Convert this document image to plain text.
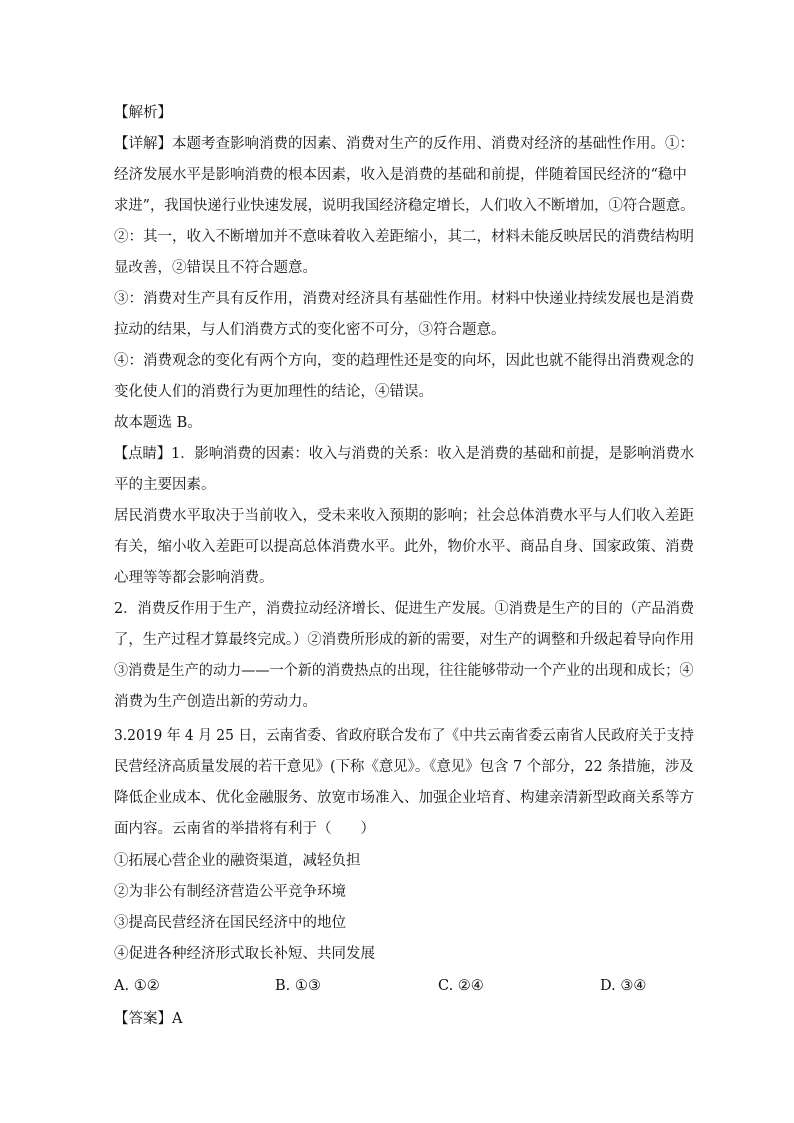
【解析】
【详解】本题考查影响消费的因素、消费对生产的反作用、消费对经济的基础性作用。①：
经济发展水平是影响消费的根本因素，收入是消费的基础和前提，伴随着国民经济的“稳中
求进”，我国快递行业快速发展，说明我国经济稳定增长，人们收入不断增加，①符合题意。
②：其一，收入不断增加并不意味着收入差距缩小，其二，材料未能反映居民的消费结构明
显改善，②错误且不符合题意。
③：消费对生产具有反作用，消费对经济具有基础性作用。材料中快递业持续发展也是消费
拉动的结果，与人们消费方式的变化密不可分，③符合题意。
④：消费观念的变化有两个方向，变的趋理性还是变的向坏，因此也就不能得出消费观念的
变化使人们的消费行为更加理性的结论，④错误。
故本题选 B。
【点睛】1．影响消费的因素：收入与消费的关系：收入是消费的基础和前提，是影响消费水
平的主要因素。
居民消费水平取决于当前收入，受未来收入预期的影响；社会总体消费水平与人们收入差距
有关，缩小收入差距可以提高总体消费水平。此外，物价水平、商品自身、国家政策、消费
心理等等都会影响消费。
2．消费反作用于生产，消费拉动经济增长、促进生产发展。①消费是生产的目的（产品消费
了，生产过程才算最终完成。）②消费所形成的新的需要，对生产的调整和升级起着导向作用
③消费是生产的动力——一个新的消费热点的出现，往往能够带动一个产业的出现和成长；④
消费为生产创造出新的劳动力。
3.2019 年 4 月 25 日，云南省委、省政府联合发布了《中共云南省委云南省人民政府关于支持
民营经济高质量发展的若干意见》(下称《意见》。《意见》包含 7 个部分，22 条措施，涉及
降低企业成本、优化金融服务、放宽市场准入、加强企业培育、构建亲清新型政商关系等方
面内容。云南省的举措将有利于（　　）
①拓展心营企业的融资渠道，减轻负担
②为非公有制经济营造公平竞争环境
③提高民营经济在国民经济中的地位
④促进各种经济形式取长补短、共同发展
A. ①②	B. ①③	C. ②④	D. ③④
【答案】A
